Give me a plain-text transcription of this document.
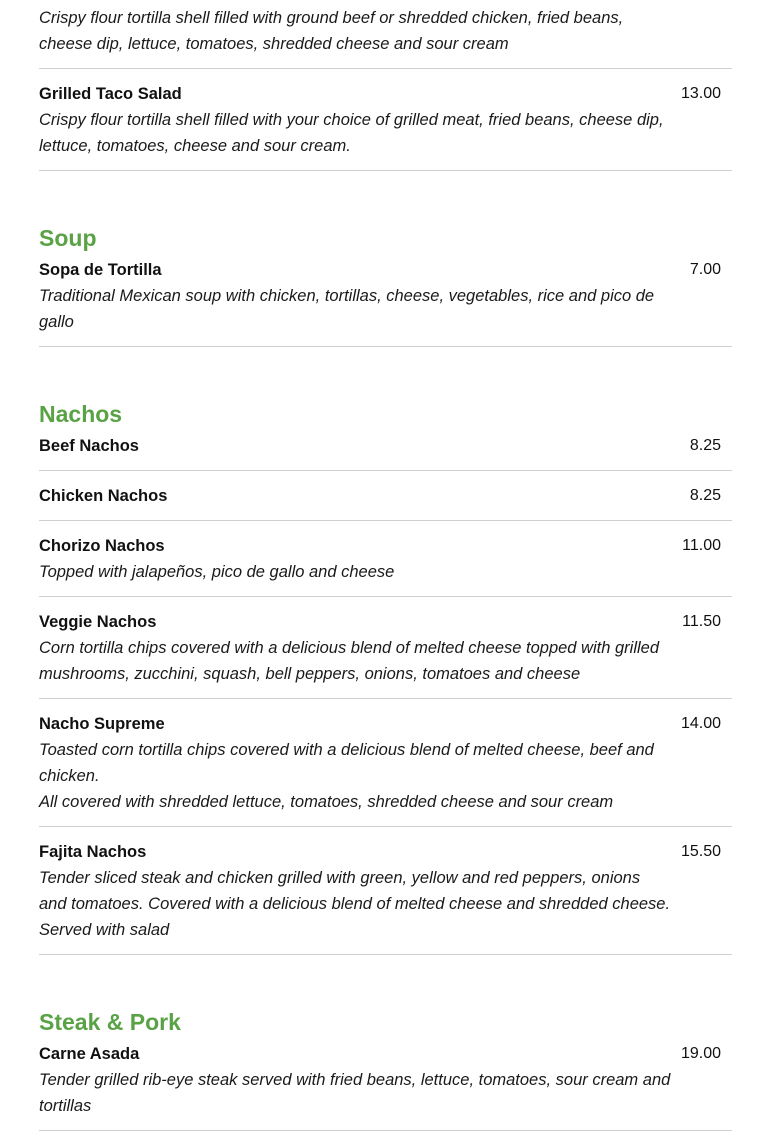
Crispy flour tortilla shell filled with ground beef or shredded chicken, fried beans, cheese dip, lettuce, tomatoes, shredded cheese and sour cream

Grilled Taco Salad	13.00

Crispy flour tortilla shell filled with your choice of grilled meat, fried beans, cheese dip, lettuce, tomatoes, cheese and sour cream.

Soup
Sopa de Tortilla	7.00

Traditional Mexican soup with chicken, tortillas, cheese, vegetables, rice and pico de gallo

Nachos
Beef Nachos	8.25
Chicken Nachos	8.25
Chorizo Nachos	11.00

Topped with jalapeños, pico de gallo and cheese

Veggie Nachos	11.50

Corn tortilla chips covered with a delicious blend of melted cheese topped with grilled mushrooms, zucchini, squash, bell peppers, onions, tomatoes and cheese

Nacho Supreme	14.00

Toasted corn tortilla chips covered with a delicious blend of melted cheese, beef and chicken.

All covered with shredded lettuce, tomatoes, shredded cheese and sour cream

Fajita Nachos	15.50

Tender sliced steak and chicken grilled with green, yellow and red peppers, onions and tomatoes. Covered with a delicious blend of melted cheese and shredded cheese. Served with salad

Steak & Pork
Carne Asada	19.00

Tender grilled rib-eye steak served with fried beans, lettuce, tomatoes, sour cream and tortillas
